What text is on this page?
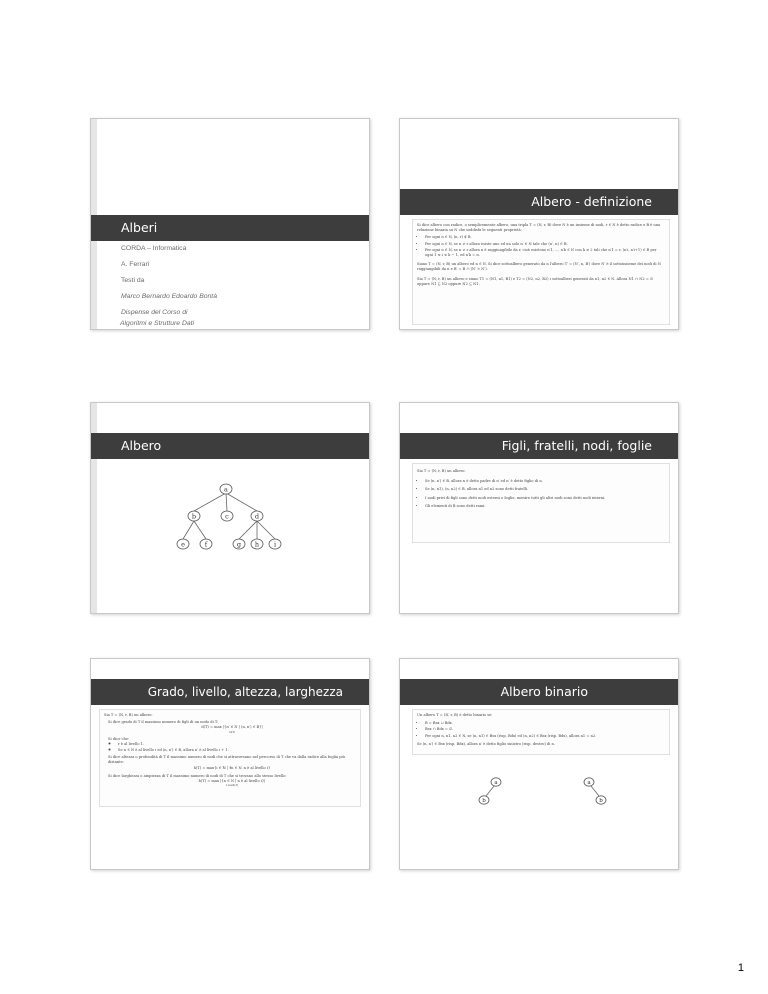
Alberi
CORDA – Informatica
A. Ferrari
Testi da
Marco Bernardo Edoardo Bontà
Dispense del Corso di
Algoritmi e Strutture Dati
Albero - definizione

Si dice albero con radice, o semplicemente albero, una tripla T = (N, r, B) dove N è un insieme di nodi, r ∈ N è detto radice e B è una relazione binaria su N che soddisfa le seguenti proprietà:

• Per ogni n ∈ N, (n, r) ∉ B.
• Per ogni n ∈ N, se n ≠ r allora esiste uno ed un solo n′ ∈ N tale che (n′, n) ∈ B.
• Per ogni n ∈ N, se n ≠ r allora n è raggiungibile da r, cioè esistono n′1, ..., n′k ∈ N con k ≥ 2 tali che n′1 = r, (n′i, n′i+1) ∈ B per ogni 1 ≤ i ≤ k − 1, ed n′k = n.

Siano T = (N, r, B) un albero ed n ∈ N. Si dice sottoalbero generato da n l'albero T′ = (N′, n, B′) dove N′ è il sottoinsieme dei nodi di N raggiungibili da n e B′ = B ∩ (N′ × N′).

Sia T = (N, r, B) un albero e siano T1 = (N1, n1, B1) e T2 = (N2, n2, B2) i sottoalberi generati da n1, n2 ∈ N. Allora N1 ∩ N2 = ∅ oppure N1 ⊆ N2 oppure N2 ⊆ N1.

Albero
a
b	c	d
e	f	g h i
Figli, fratelli, nodi, foglie

Sia T = (N, r, B) un albero:

• Se (n, n′) ∈ B, allora n è detto padre di n′ ed n′ è detto figlio di n.
• Se (n, n1), (n, n2) ∈ B, allora n1 ed n2 sono detti fratelli.
• I nodi privi di figli sono detti nodi esterni o foglie, mentre tutti gli altri nodi sono detti nodi interni.
• Gli elementi di B sono detti rami.
Grado, livello, altezza, larghezza

Sia T = (N, r, B) un albero:

Si dice grado di T il massimo numero di figli di un nodo di T:
d(T) = max |{n′ ∈ N | (n, n′) ∈ B}|
n∈N
Si dice che:
◦ r è al livello 1.
◦ Se n ∈ N è al livello i ed (n, n′) ∈ B, allora n′ è al livello i + 1.
Si dice altezza o profondità di T il massimo numero di nodi che si attraversano nel percorso di T che va dalla radice alla foglia più distante:
h(T) = max{i ∈ ℕ | ∃n ∈ N. n è al livello i}
Si dice larghezza o ampiezza di T il massimo numero di nodi di T che si trovano allo stesso livello:
b(T) = max |{n ∈ N | n è al livello i}|
1≤i≤h(T)
Albero binario

Un albero T = (N, r, B) è detto binario se:

• B = Bsx ∪ Bdx.
• Bsx ∩ Bdx = ∅.
• Per ogni n, n1, n2 ∈ N, se (n, n1) ∈ Bsx (risp. Bdx) ed (n, n2) ∈ Bsx (risp. Bdx), allora n1 = n2.

Se (n, n′) ∈ Bsx (risp. Bdx), allora n′ è detto figlio sinistro (risp. destro) di n.

a
b
a
b
1
